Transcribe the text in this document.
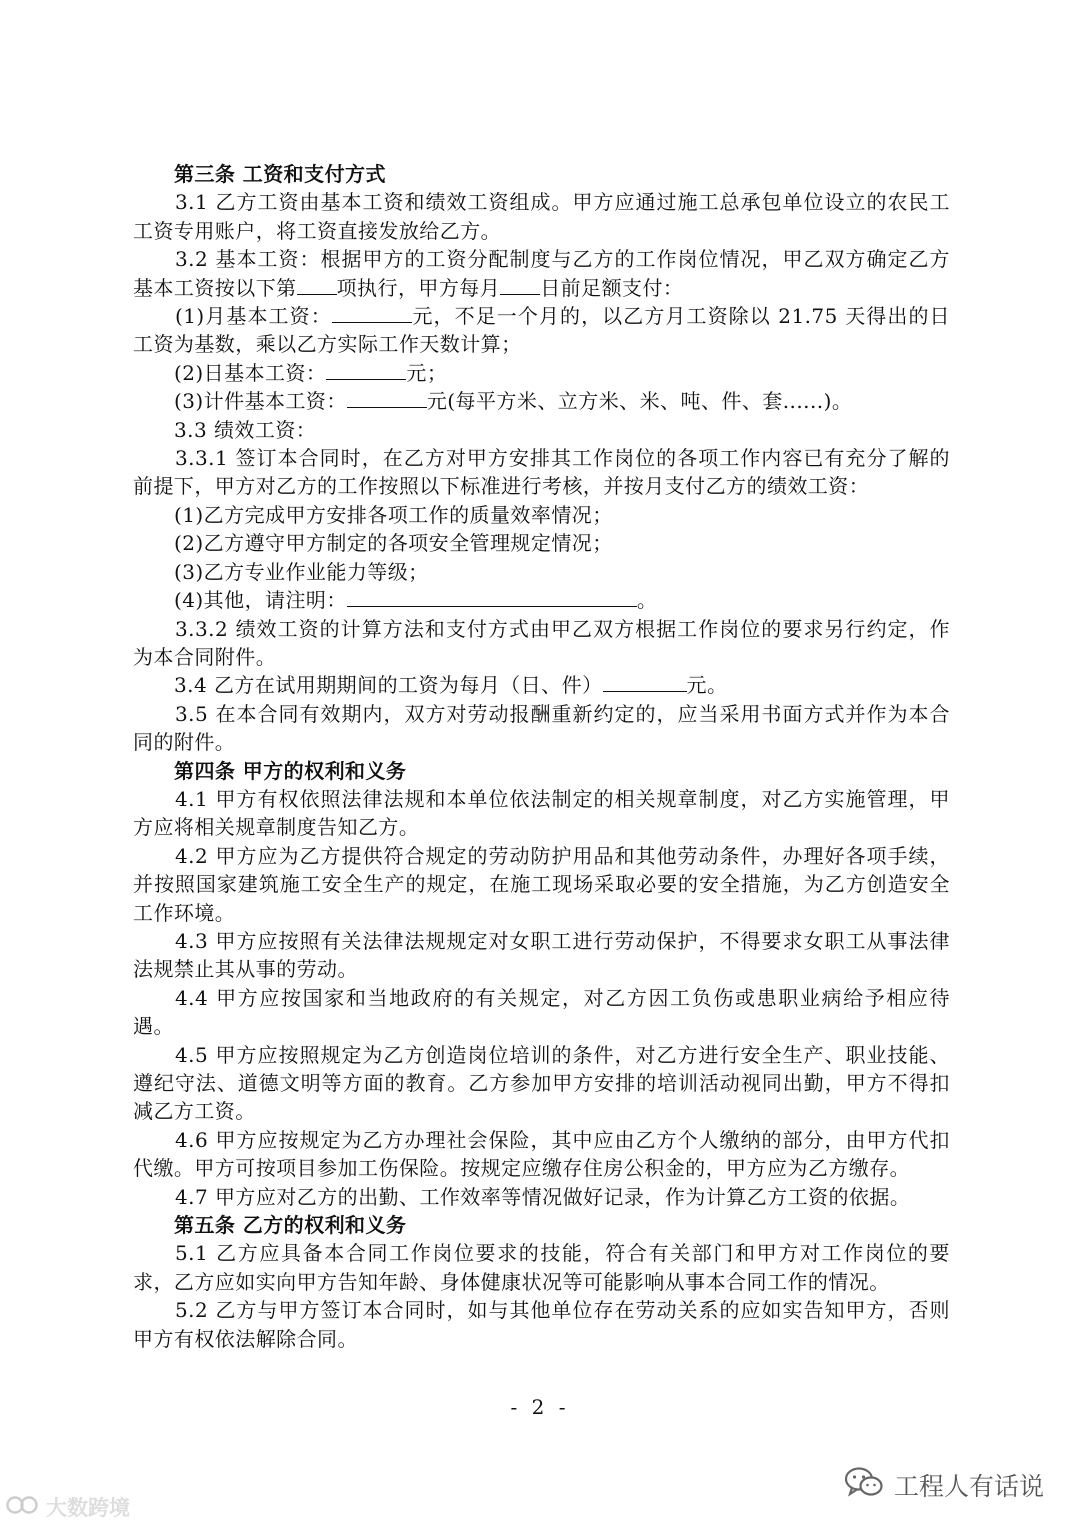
第三条 工资和支付方式

3.1 乙方工资由基本工资和绩效工资组成。甲方应通过施工总承包单位设立的农民工工资专用账户，将工资直接发放给乙方。

3.2 基本工资：根据甲方的工资分配制度与乙方的工作岗位情况，甲乙双方确定乙方基本工资按以下第 项执行，甲方每月 日前足额支付：

(1)月基本工资：	元，不足一个月的，以乙方月工资除以 21.75 天得出的日工资为基数，乘以乙方实际工作天数计算；

(2)日基本工资：	元；

(3)计件基本工资：	元(每平方米、立方米、米、吨、件、套......)。

3.3 绩效工资：

3.3.1 签订本合同时，在乙方对甲方安排其工作岗位的各项工作内容已有充分了解的前提下，甲方对乙方的工作按照以下标准进行考核，并按月支付乙方的绩效工资：

(1)乙方完成甲方安排各项工作的质量效率情况；

(2)乙方遵守甲方制定的各项安全管理规定情况；

(3)乙方专业作业能力等级；

(4)其他，请注明：	。

3.3.2 绩效工资的计算方法和支付方式由甲乙双方根据工作岗位的要求另行约定，作为本合同附件。

3.4 乙方在试用期期间的工资为每月（日、件）	元。

3.5 在本合同有效期内，双方对劳动报酬重新约定的，应当采用书面方式并作为本合同的附件。

第四条 甲方的权利和义务

4.1 甲方有权依照法律法规和本单位依法制定的相关规章制度，对乙方实施管理，甲方应将相关规章制度告知乙方。

4.2 甲方应为乙方提供符合规定的劳动防护用品和其他劳动条件，办理好各项手续，并按照国家建筑施工安全生产的规定，在施工现场采取必要的安全措施，为乙方创造安全工作环境。

4.3 甲方应按照有关法律法规规定对女职工进行劳动保护，不得要求女职工从事法律法规禁止其从事的劳动。

4.4 甲方应按国家和当地政府的有关规定，对乙方因工负伤或患职业病给予相应待遇。

4.5 甲方应按照规定为乙方创造岗位培训的条件，对乙方进行安全生产、职业技能、遵纪守法、道德文明等方面的教育。乙方参加甲方安排的培训活动视同出勤，甲方不得扣减乙方工资。

4.6 甲方应按规定为乙方办理社会保险，其中应由乙方个人缴纳的部分，由甲方代扣代缴。甲方可按项目参加工伤保险。按规定应缴存住房公积金的，甲方应为乙方缴存。

4.7 甲方应对乙方的出勤、工作效率等情况做好记录，作为计算乙方工资的依据。

第五条 乙方的权利和义务

5.1 乙方应具备本合同工作岗位要求的技能，符合有关部门和甲方对工作岗位的要求，乙方应如实向甲方告知年龄、身体健康状况等可能影响从事本合同工作的情况。

5.2 乙方与甲方签订本合同时，如与其他单位存在劳动关系的应如实告知甲方，否则甲方有权依法解除合同。

- 2 -
工程人有话说
大数跨境
